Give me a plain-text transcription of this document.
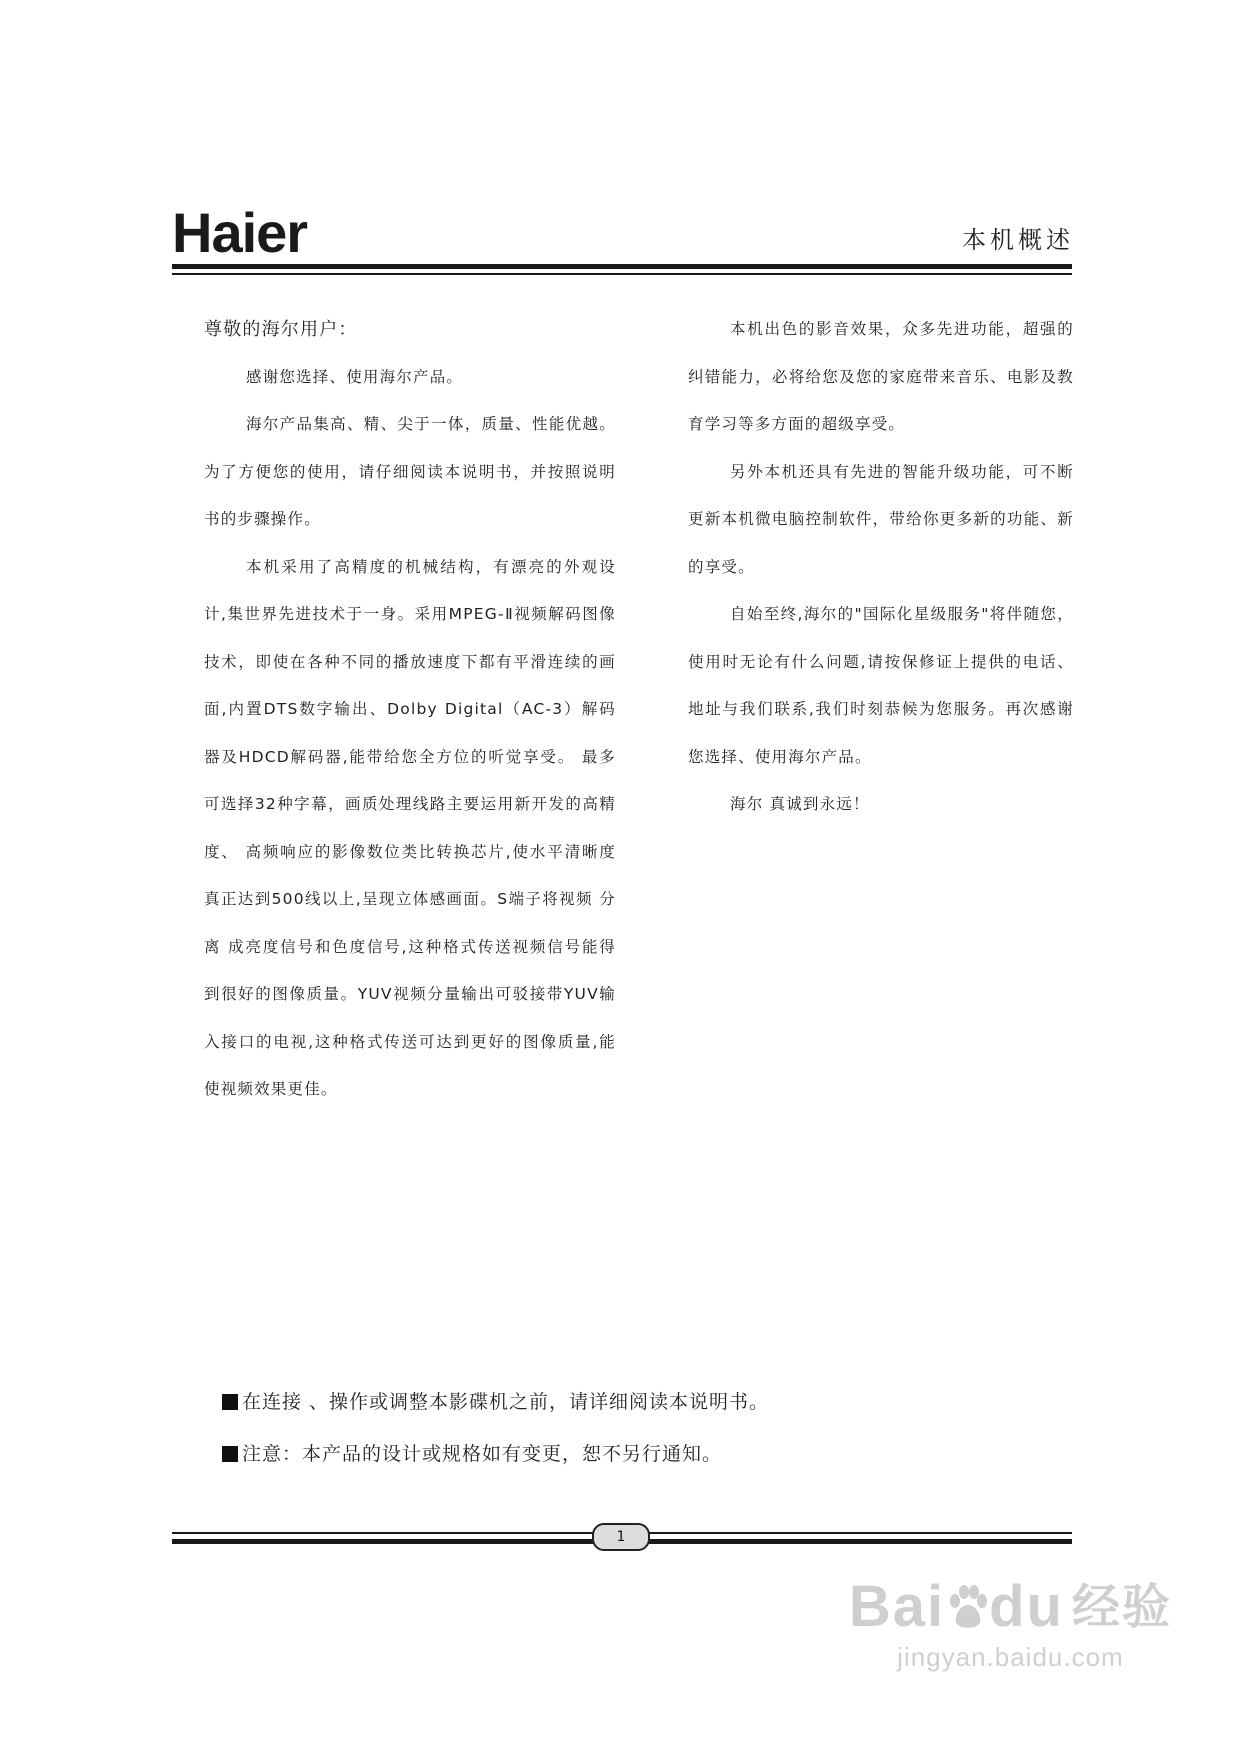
Haier	本机概述

尊敬的海尔用户：

感谢您选择、使用海尔产品。

海尔产品集高、精、尖于一体，质量、性能优越。为了方便您的使用，请仔细阅读本说明书，并按照说明书的步骤操作。

本机采用了高精度的机械结构，有漂亮的外观设计,集世界先进技术于一身。采用MPEG-Ⅱ视频解码图像技术，即使在各种不同的播放速度下都有平滑连续的画面,内置DTS数字输出、Dolby Digital（AC-3）解码器及HDCD解码器,能带给您全方位的听觉享受。 最多可选择32种字幕，画质处理线路主要运用新开发的高精度、 高频响应的影像数位类比转换芯片,使水平清晰度真正达到500线以上,呈现立体感画面。S端子将视频 分离 成亮度信号和色度信号,这种格式传送视频信号能得到很好的图像质量。YUV视频分量输出可驳接带YUV输入接口的电视,这种格式传送可达到更好的图像质量,能使视频效果更佳。

本机出色的影音效果，众多先进功能，超强的纠错能力，必将给您及您的家庭带来音乐、电影及教育学习等多方面的超级享受。

另外本机还具有先进的智能升级功能，可不断更新本机微电脑控制软件，带给你更多新的功能、新的享受。

自始至终,海尔的"国际化星级服务"将伴随您，使用时无论有什么问题,请按保修证上提供的电话、地址与我们联系,我们时刻恭候为您服务。再次感谢您选择、使用海尔产品。

海尔 真诚到永远！

在连接 、操作或调整本影碟机之前，请详细阅读本说明书。
注意：本产品的设计或规格如有变更，恕不另行通知。
1
Bai du 经验
jingyan.baidu.com
